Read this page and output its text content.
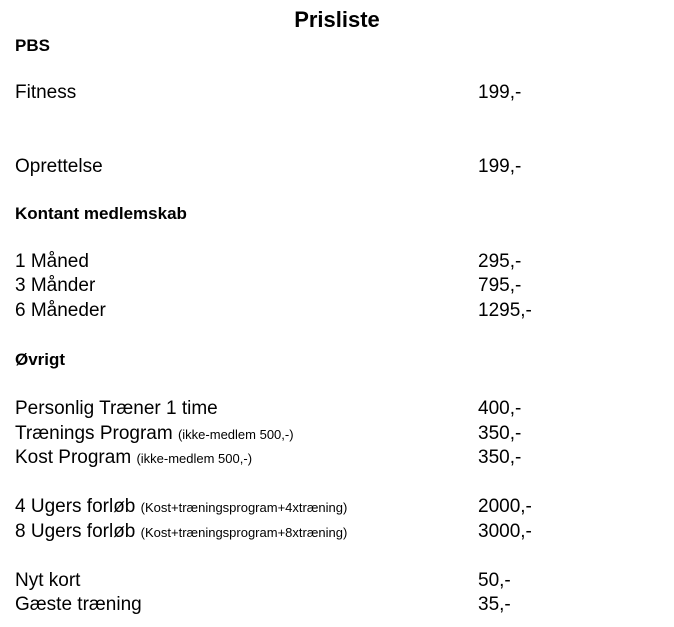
Prisliste
PBS
Fitness	199,-
Oprettelse	199,-
Kontant medlemskab
1 Måned	295,-
3 Månder	795,-
6 Måneder	1295,-
Øvrigt
Personlig Træner 1 time	400,-
Trænings Program (ikke-medlem 500,-)	350,-
Kost Program (ikke-medlem 500,-)	350,-
4 Ugers forløb (Kost+træningsprogram+4xtræning)	2000,-
8 Ugers forløb (Kost+træningsprogram+8xtræning)	3000,-
Nyt kort	50,-
Gæste træning	35,-
